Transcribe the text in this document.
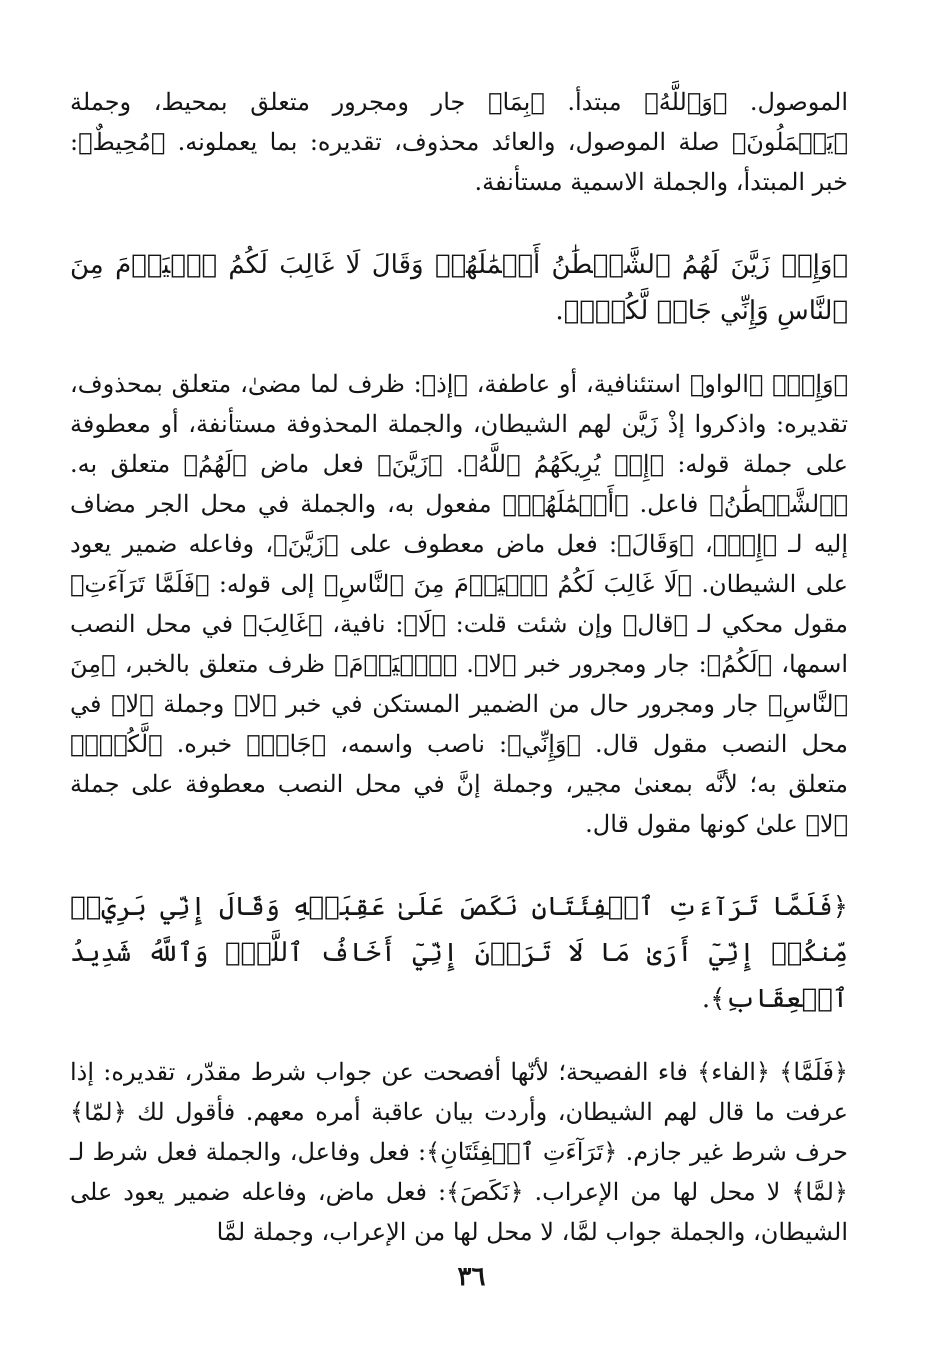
الموصول. ﴿وَٱللَّهُ﴾ مبتدأ. ﴿بِمَا﴾ جار ومجرور متعلق بمحيط، وجملة ﴿يَعۡمَلُونَ﴾ صلة الموصول، والعائد محذوف، تقديره: بما يعملونه. ﴿مُحِيطٌ﴾: خبر المبتدأ، والجملة الاسمية مستأنفة.

﴿وَإِذۡ زَيَّنَ لَهُمُ ٱلشَّيۡطَٰنُ أَعۡمَٰلَهُمۡ وَقَالَ لَا غَالِبَ لَكُمُ ٱلۡيَوۡمَ مِنَ ٱلنَّاسِ وَإِنِّي جَارٞ لَّكُمۡۖ﴾.

﴿وَإِذۡ﴾ ﴿الواو﴾ استئنافية، أو عاطفة، ﴿إذ﴾: ظرف لما مضىٰ، متعلق بمحذوف، تقديره: واذكروا إذْ زَيَّن لهم الشيطان، والجملة المحذوفة مستأنفة، أو معطوفة على جملة قوله: ﴿إِذۡ يُرِيكَهُمُ ٱللَّهُ﴾. ﴿زَيَّنَ﴾ فعل ماض ﴿لَهُمُ﴾ متعلق به. ﴿ٱلشَّيۡطَٰنُ﴾ فاعل. ﴿أَعۡمَٰلَهُمۡ﴾ مفعول به، والجملة في محل الجر مضاف إليه لـ ﴿إِذۡ﴾، ﴿وَقَالَ﴾: فعل ماض معطوف على ﴿زَيَّنَ﴾، وفاعله ضمير يعود على الشيطان. ﴿لَا غَالِبَ لَكُمُ ٱلۡيَوۡمَ مِنَ ٱلنَّاسِ﴾ إلى قوله: ﴿فَلَمَّا تَرَآءَتِ﴾ مقول محكي لـ ﴿قال﴾ وإن شئت قلت: ﴿لَا﴾: نافية، ﴿غَالِبَ﴾ في محل النصب اسمها، ﴿لَكُمُ﴾: جار ومجرور خبر ﴿لا﴾. ﴿ٱلۡيَوۡمَ﴾ ظرف متعلق بالخبر، ﴿مِنَ ٱلنَّاسِ﴾ جار ومجرور حال من الضمير المستكن في خبر ﴿لا﴾ وجملة ﴿لا﴾ في محل النصب مقول قال. ﴿وَإِنِّي﴾: ناصب واسمه، ﴿جَارٞ﴾ خبره. ﴿لَّكُمۡۖ﴾ متعلق به؛ لأنَّه بمعنىٰ مجير، وجملة إنَّ في محل النصب معطوفة على جملة ﴿لا﴾ علىٰ كونها مقول قال.

﴿فَلَمَّا تَرَآءَتِ ٱلۡفِئَتَانِ نَكَصَ عَلَىٰ عَقِبَيۡهِ وَقَالَ إِنِّي بَرِيٓءٞ مِّنكُمۡ إِنِّيٓ أَرَىٰ مَا لَا تَرَوۡنَ إِنِّيٓ أَخَافُ ٱللَّهَۚ وَٱللَّهُ شَدِيدُ ٱلۡعِقَابِ﴾.

﴿فَلَمَّا﴾ ﴿الفاء﴾ فاء الفصيحة؛ لأنّها أفصحت عن جواب شرط مقدّر، تقديره: إذا عرفت ما قال لهم الشيطان، وأردت بيان عاقبة أمره معهم. فأقول لك ﴿لمّا﴾ حرف شرط غير جازم. ﴿تَرَآءَتِ ٱلۡفِئَتَانِ﴾: فعل وفاعل، والجملة فعل شرط لـ ﴿لمَّا﴾ لا محل لها من الإعراب. ﴿نَكَصَ﴾: فعل ماض، وفاعله ضمير يعود على الشيطان، والجملة جواب لمَّا، لا محل لها من الإعراب، وجملة لمَّا

٣٦
